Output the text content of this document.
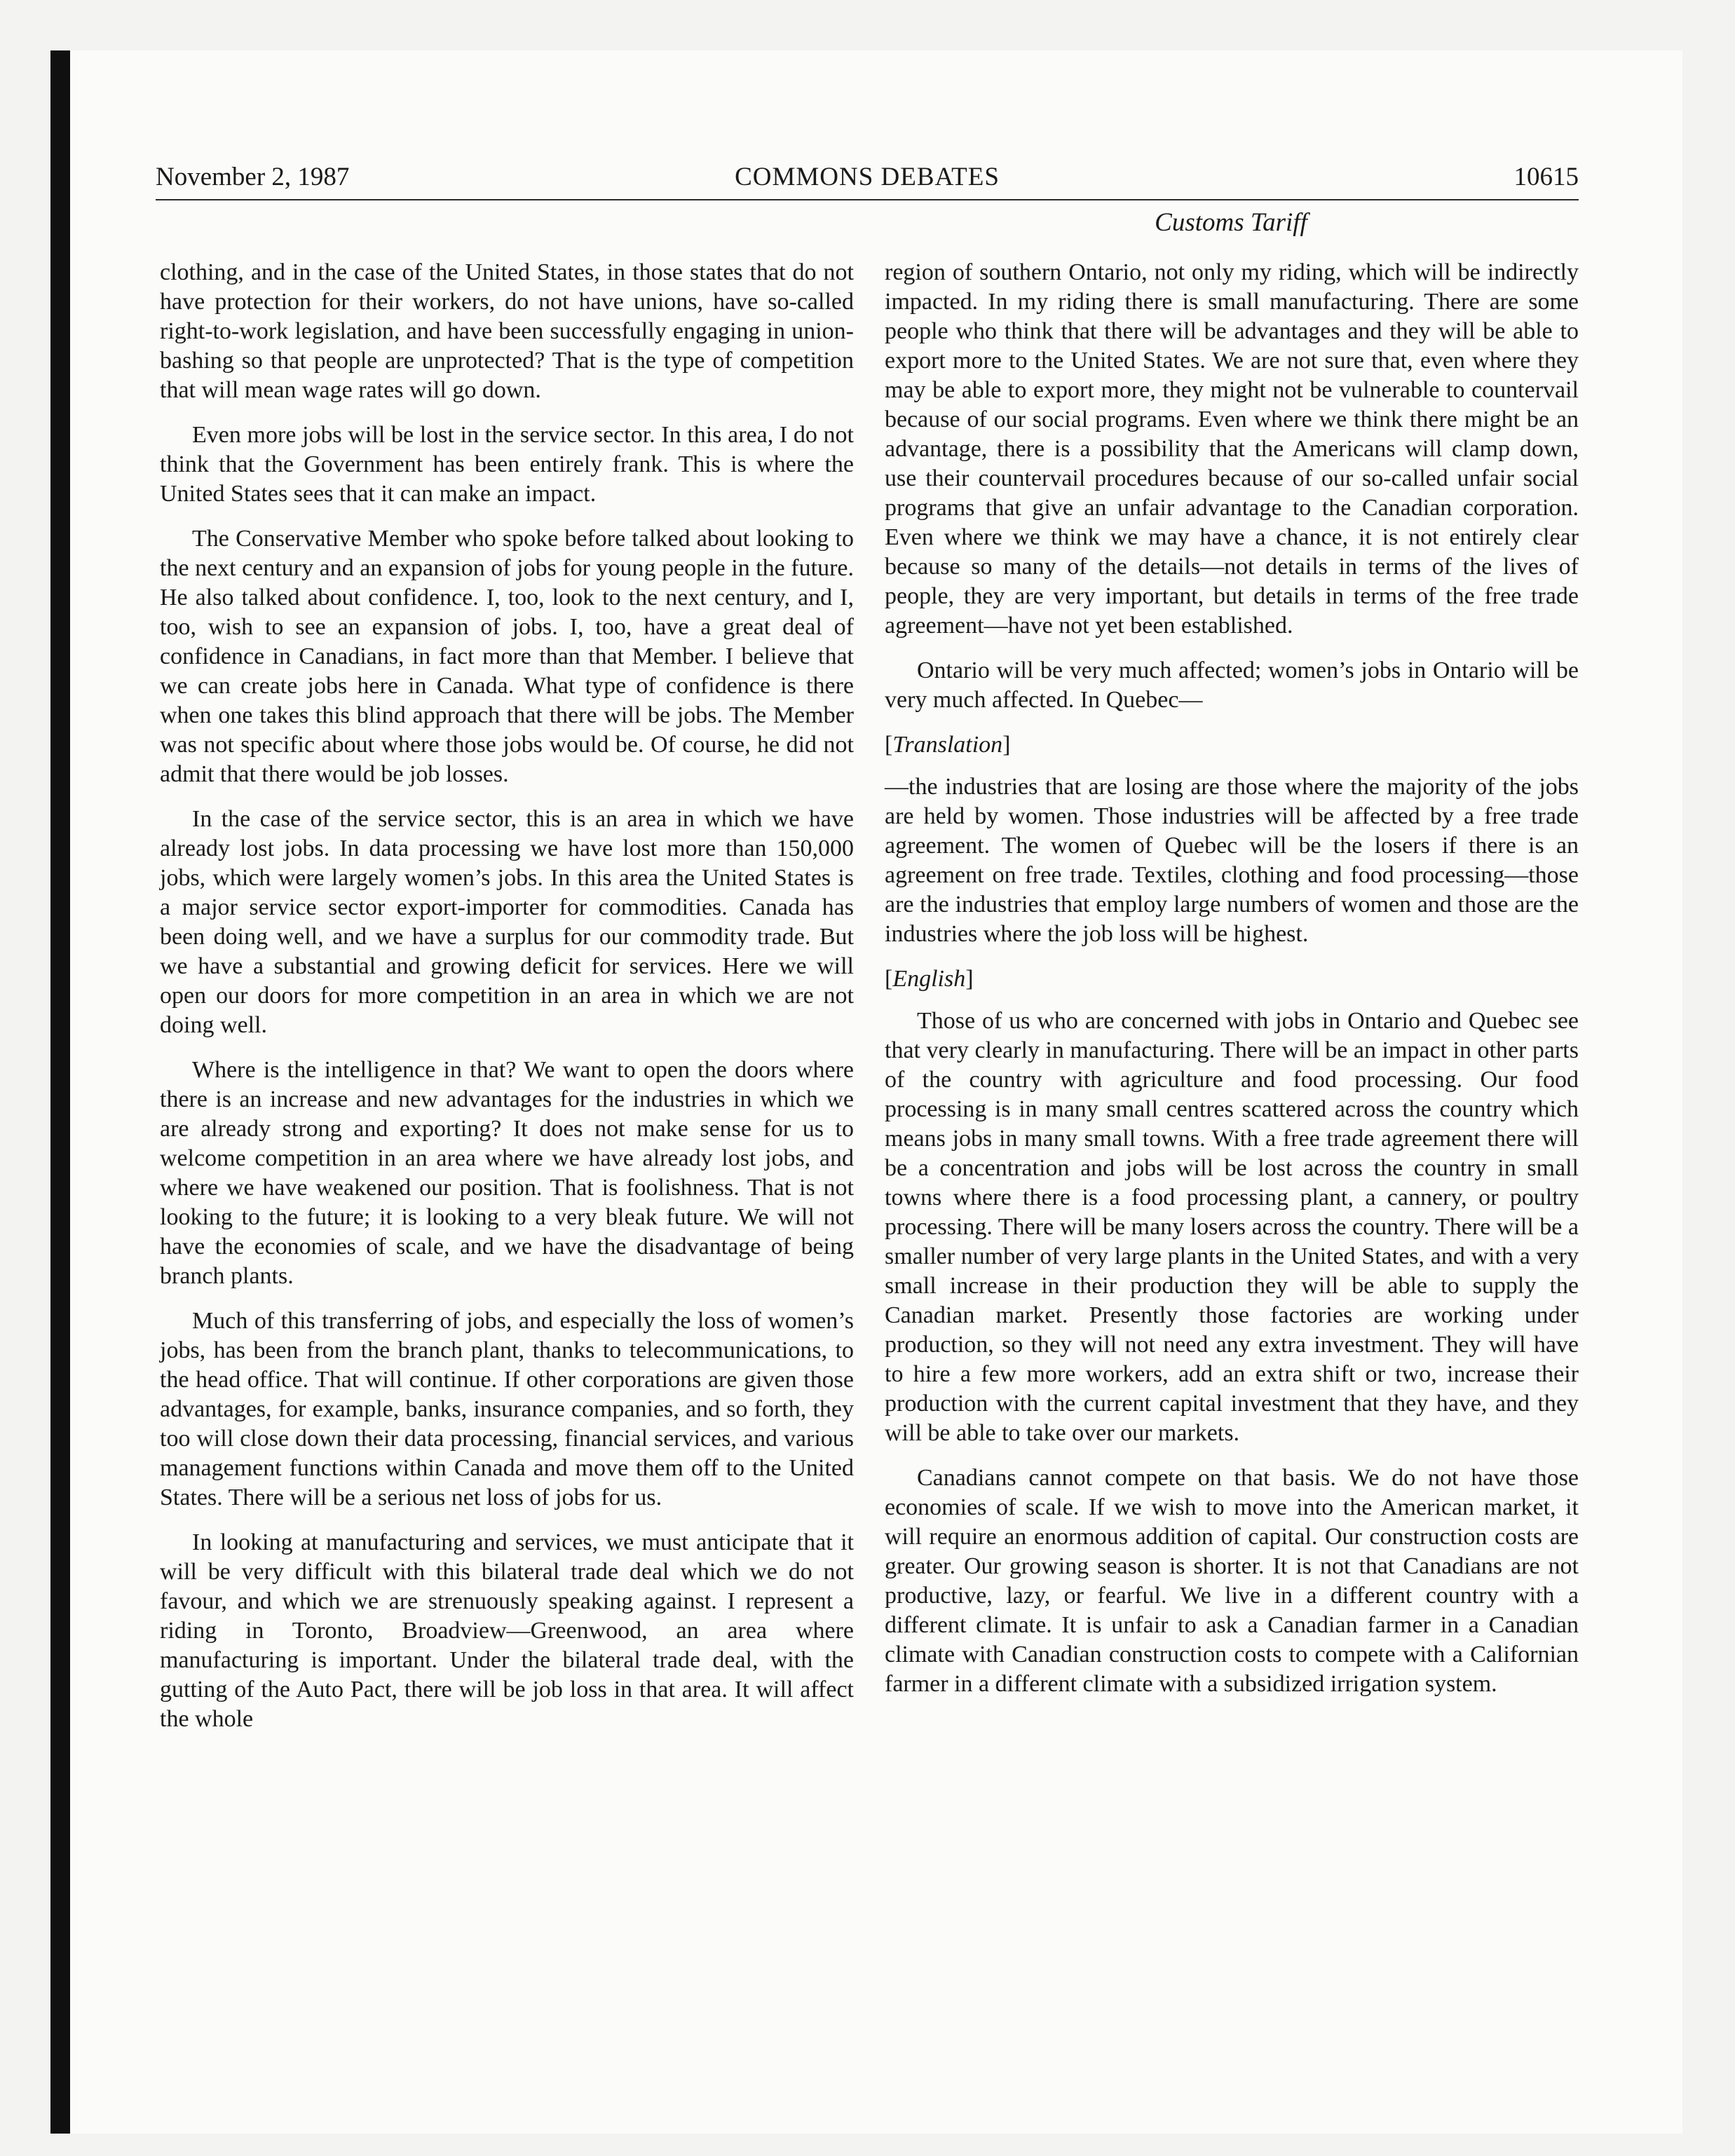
November 2, 1987	COMMONS DEBATES	10615
Customs Tariff

clothing, and in the case of the United States, in those states that do not have protection for their workers, do not have unions, have so-called right-to-work legislation, and have been successfully engaging in union-bashing so that people are unprotected? That is the type of competition that will mean wage rates will go down.

Even more jobs will be lost in the service sector. In this area, I do not think that the Government has been entirely frank. This is where the United States sees that it can make an impact.

The Conservative Member who spoke before talked about looking to the next century and an expansion of jobs for young people in the future. He also talked about confidence. I, too, look to the next century, and I, too, wish to see an expansion of jobs. I, too, have a great deal of confidence in Canadians, in fact more than that Member. I believe that we can create jobs here in Canada. What type of confidence is there when one takes this blind approach that there will be jobs. The Member was not specific about where those jobs would be. Of course, he did not admit that there would be job losses.

In the case of the service sector, this is an area in which we have already lost jobs. In data processing we have lost more than 150,000 jobs, which were largely women’s jobs. In this area the United States is a major service sector export-importer for commodities. Canada has been doing well, and we have a surplus for our commodity trade. But we have a substantial and growing deficit for services. Here we will open our doors for more competition in an area in which we are not doing well.

Where is the intelligence in that? We want to open the doors where there is an increase and new advantages for the industries in which we are already strong and exporting? It does not make sense for us to welcome competition in an area where we have already lost jobs, and where we have weakened our position. That is foolishness. That is not looking to the future; it is looking to a very bleak future. We will not have the economies of scale, and we have the disadvantage of being branch plants.

Much of this transferring of jobs, and especially the loss of women’s jobs, has been from the branch plant, thanks to telecommunications, to the head office. That will continue. If other corporations are given those advantages, for example, banks, insurance companies, and so forth, they too will close down their data processing, financial services, and various management functions within Canada and move them off to the United States. There will be a serious net loss of jobs for us.

In looking at manufacturing and services, we must anticipate that it will be very difficult with this bilateral trade deal which we do not favour, and which we are strenuously speaking against. I represent a riding in Toronto, Broadview—Greenwood, an area where manufacturing is important. Under the bilateral trade deal, with the gutting of the Auto Pact, there will be job loss in that area. It will affect the whole

region of southern Ontario, not only my riding, which will be indirectly impacted. In my riding there is small manufacturing. There are some people who think that there will be advantages and they will be able to export more to the United States. We are not sure that, even where they may be able to export more, they might not be vulnerable to countervail because of our social programs. Even where we think there might be an advantage, there is a possibility that the Americans will clamp down, use their countervail procedures because of our so-called unfair social programs that give an unfair advantage to the Canadian corporation. Even where we think we may have a chance, it is not entirely clear because so many of the details—not details in terms of the lives of people, they are very important, but details in terms of the free trade agreement—have not yet been established.

Ontario will be very much affected; women’s jobs in Ontario will be very much affected. In Quebec—

[Translation]

—the industries that are losing are those where the majority of the jobs are held by women. Those industries will be affected by a free trade agreement. The women of Quebec will be the losers if there is an agreement on free trade. Textiles, clothing and food processing—those are the industries that employ large numbers of women and those are the industries where the job loss will be highest.

[English]

Those of us who are concerned with jobs in Ontario and Quebec see that very clearly in manufacturing. There will be an impact in other parts of the country with agriculture and food processing. Our food processing is in many small centres scattered across the country which means jobs in many small towns. With a free trade agreement there will be a concentration and jobs will be lost across the country in small towns where there is a food processing plant, a cannery, or poultry processing. There will be many losers across the country. There will be a smaller number of very large plants in the United States, and with a very small increase in their production they will be able to supply the Canadian market. Presently those factories are working under production, so they will not need any extra investment. They will have to hire a few more workers, add an extra shift or two, increase their production with the current capital investment that they have, and they will be able to take over our markets.

Canadians cannot compete on that basis. We do not have those economies of scale. If we wish to move into the American market, it will require an enormous addition of capital. Our construction costs are greater. Our growing season is shorter. It is not that Canadians are not productive, lazy, or fearful. We live in a different country with a different climate. It is unfair to ask a Canadian farmer in a Canadian climate with Canadian construction costs to compete with a Californian farmer in a different climate with a subsidized irrigation system.
